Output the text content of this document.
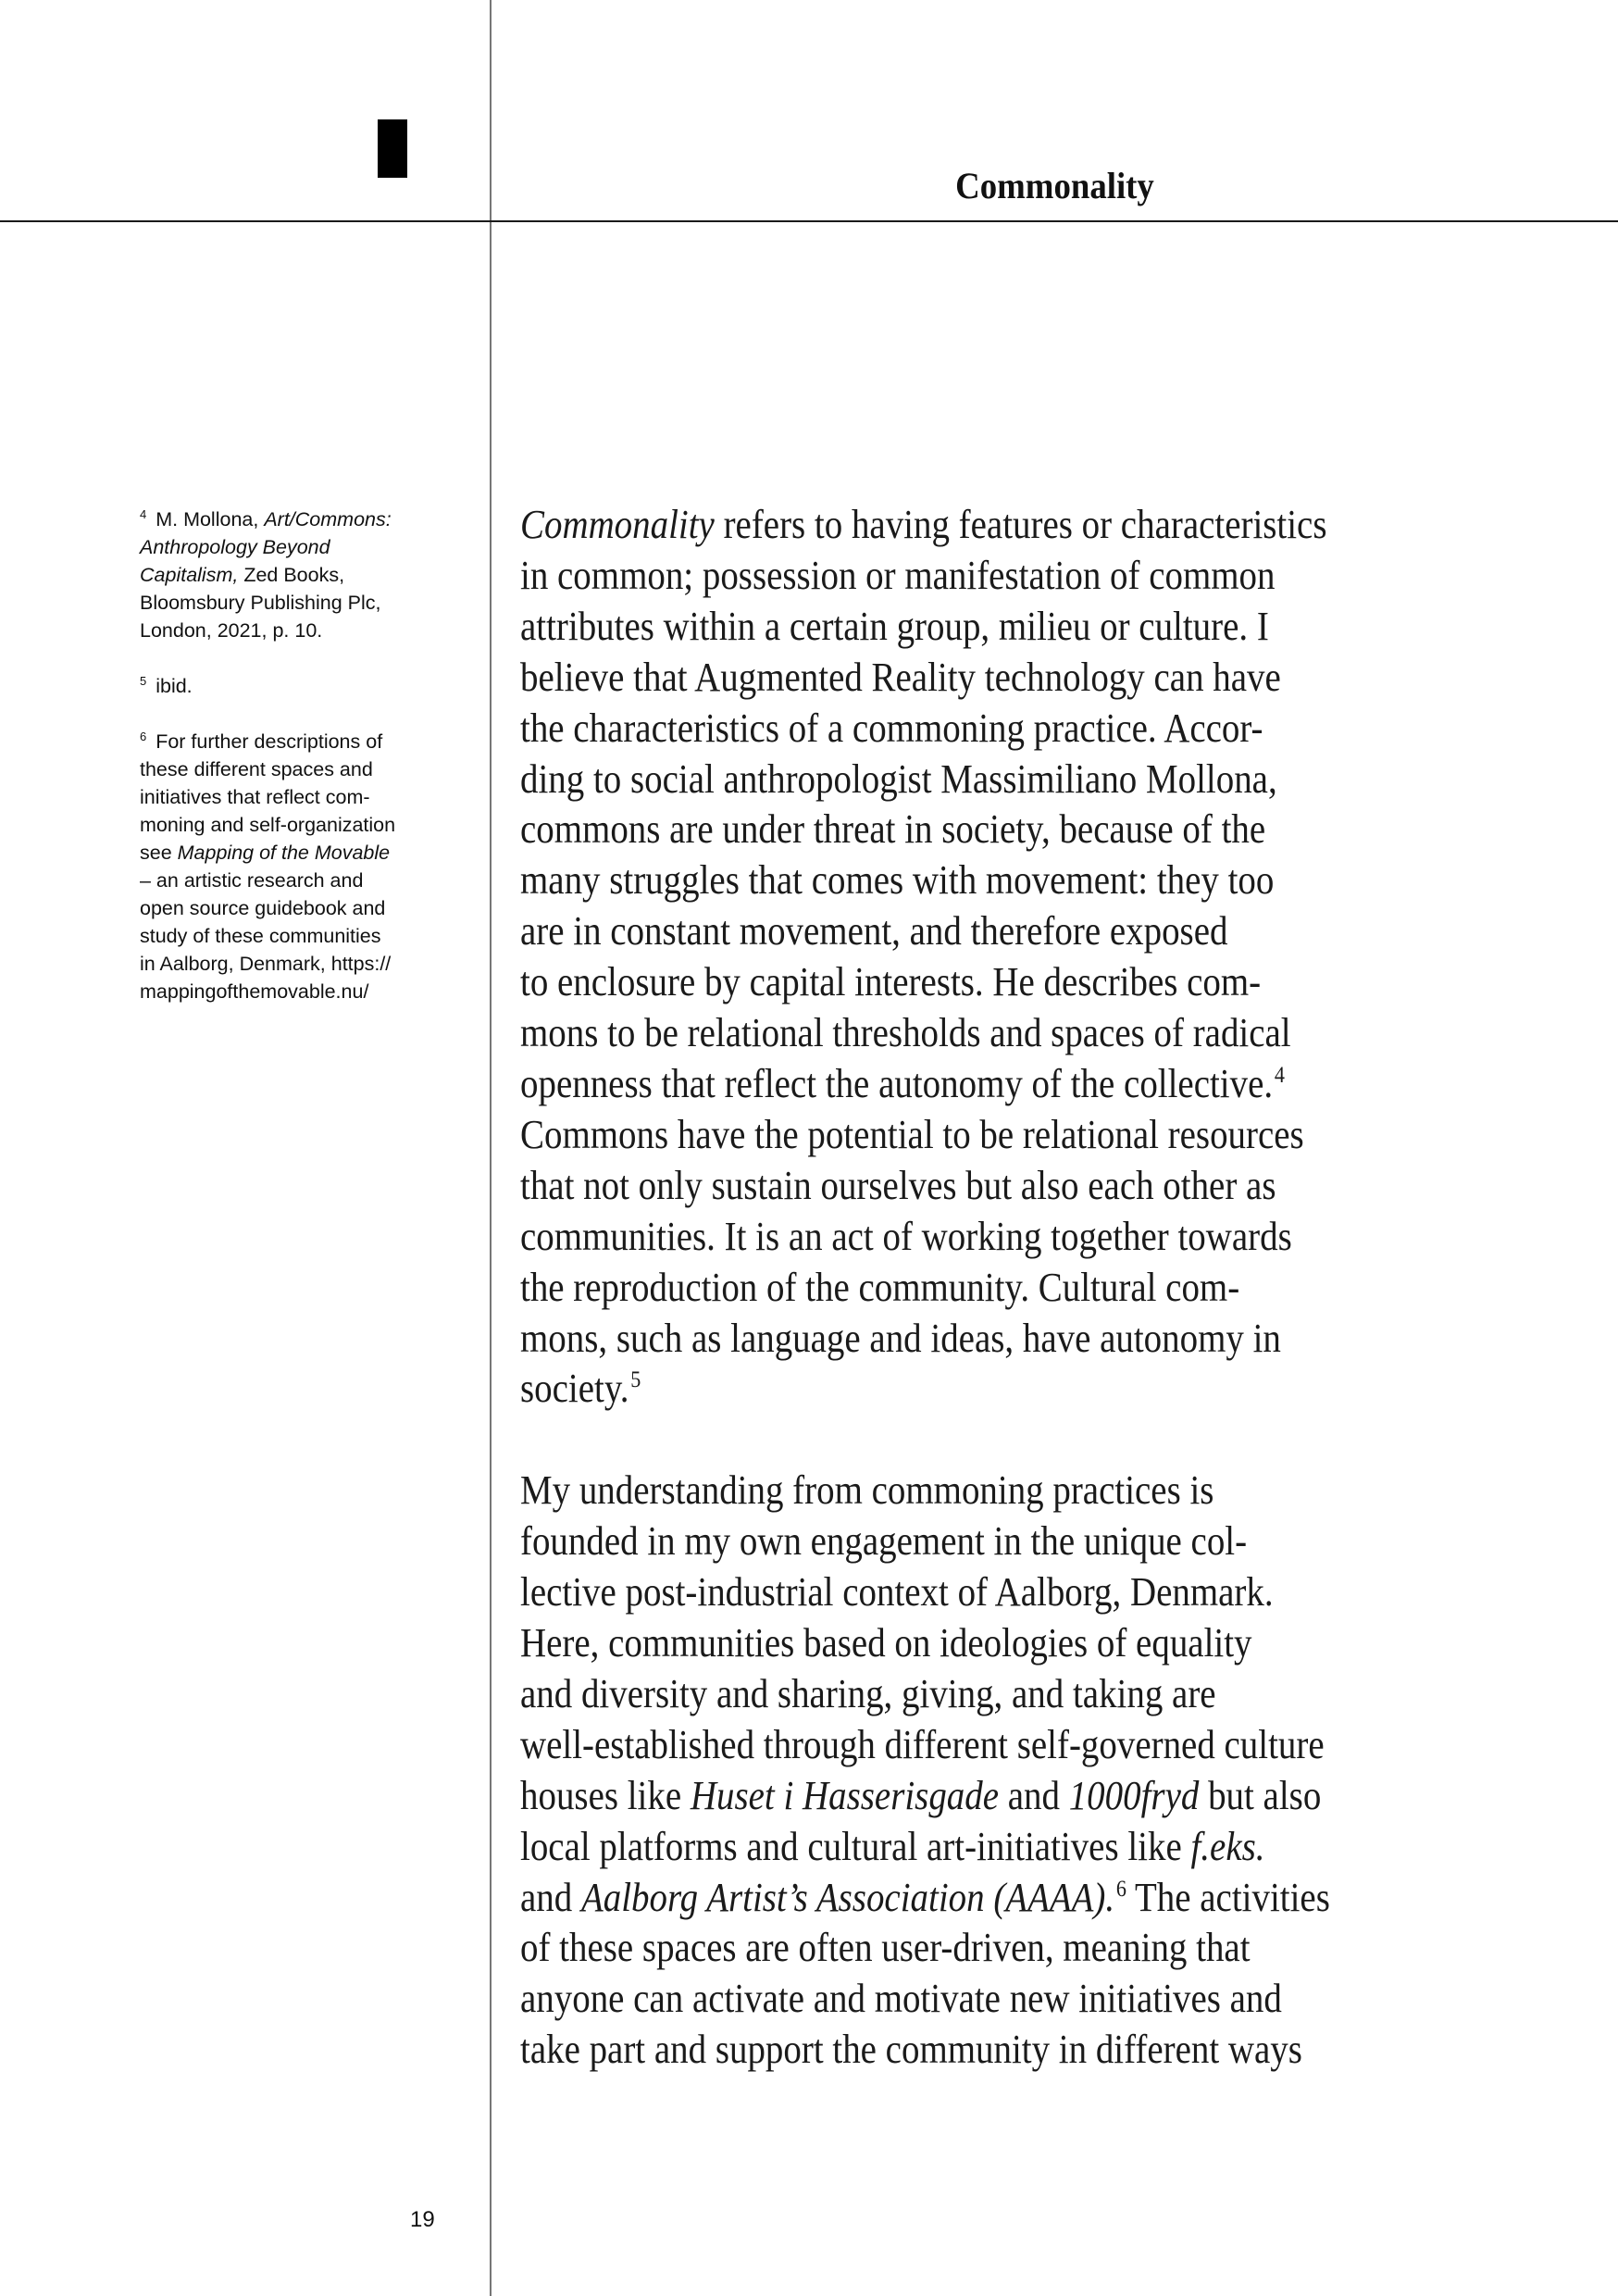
Commonality
$^4$ M. Mollona, Art/Commons:
Anthropology Beyond
Capitalism, Zed Books,
Bloomsbury Publishing Plc,
London, 2021, p. 10.
$^5$ ibid.
$^6$ For further descriptions of
these different spaces and
initiatives that reflect com-
moning and self-organization
see Mapping of the Movable
– an artistic research and
open source guidebook and
study of these communities
in Aalborg, Denmark, https://
mappingofthemovable.nu/
Commonality refers to having features or characteristics
in common; possession or manifestation of common
attributes within a certain group, milieu or culture. I
believe that Augmented Reality technology can have
the characteristics of a commoning practice. Accor-
ding to social anthropologist Massimiliano Mollona,
commons are under threat in society, because of the
many struggles that comes with movement: they too
are in constant movement, and therefore exposed
to enclosure by capital interests. He describes com-
mons to be relational thresholds and spaces of radical
openness that reflect the autonomy of the collective.$^4$
Commons have the potential to be relational resources
that not only sustain ourselves but also each other as
communities. It is an act of working together towards
the reproduction of the community. Cultural com-
mons, such as language and ideas, have autonomy in
society.$^5$
My understanding from commoning practices is
founded in my own engagement in the unique col-
lective post-industrial context of Aalborg, Denmark.
Here, communities based on ideologies of equality
and diversity and sharing, giving, and taking are
well-established through different self-governed culture
houses like Huset i Hasserisgade and 1000fryd but also
local platforms and cultural art-initiatives like f.eks.
and Aalborg Artist’s Association (AAAA).$^6$ The activities
of these spaces are often user-driven, meaning that
anyone can activate and motivate new initiatives and
take part and support the community in different ways
19
